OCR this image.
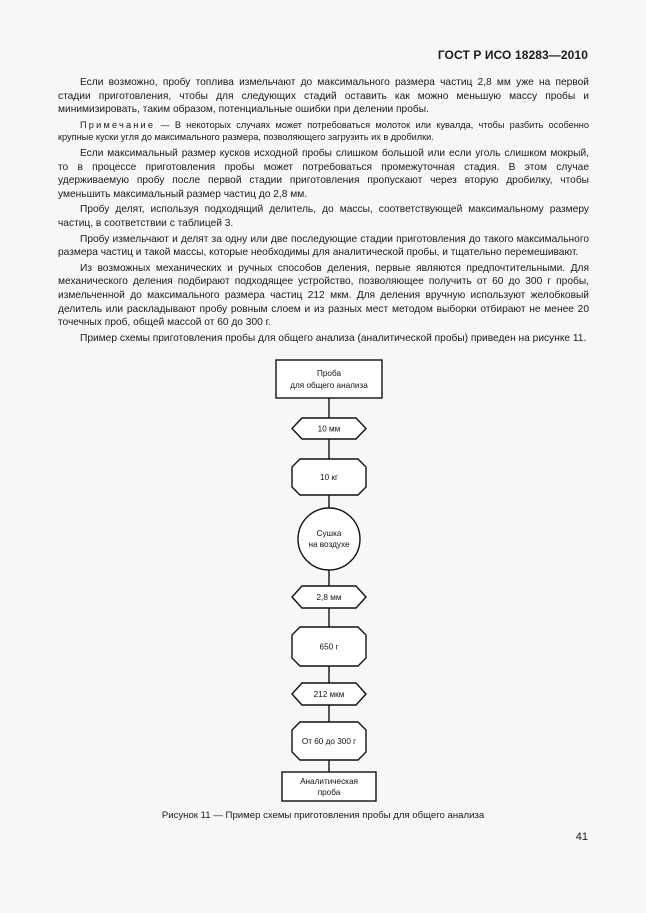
ГОСТ Р ИСО 18283—2010

Если возможно, пробу топлива измельчают до максимального размера частиц 2,8 мм уже на первой стадии приготовления, чтобы для следующих стадий оставить как можно меньшую массу пробы и минимизировать, таким образом, потенциальные ошибки при делении пробы.

Примечание — В некоторых случаях может потребоваться молоток или кувалда, чтобы разбить особенно крупные куски угля до максимального размера, позволяющего загрузить их в дробилки.

Если максимальный размер кусков исходной пробы слишком большой или если уголь слишком мокрый, то в процессе приготовления пробы может потребоваться промежуточная стадия. В этом случае удерживаемую пробу после первой стадии приготовления пропускают через вторую дробилку, чтобы уменьшить максимальный размер частиц до 2,8 мм.

Пробу делят, используя подходящий делитель, до массы, соответствующей максимальному размеру частиц, в соответствии с таблицей 3.

Пробу измельчают и делят за одну или две последующие стадии приготовления до такого максимального размера частиц и такой массы, которые необходимы для аналитической пробы, и тщательно перемешивают.

Из возможных механических и ручных способов деления, первые являются предпочтительными. Для механического деления подбирают подходящее устройство, позволяющее получить от 60 до 300 г пробы, измельченной до максимального размера частиц 212 мкм. Для деления вручную используют желобковый делитель или раскладывают пробу ровным слоем и из разных мест методом выборки отбирают не менее 20 точечных проб, общей массой от 60 до 300 г.

Пример схемы приготовления пробы для общего анализа (аналитической пробы) приведен на рисунке 11.

Проба
для общего анализа
10 мм
10 кг
Сушка
на воздухе
2,8 мм
650 г
212 мкм
От 60 до 300 г
Аналитическая
проба
Рисунок 11 — Пример схемы приготовления пробы для общего анализа
41
